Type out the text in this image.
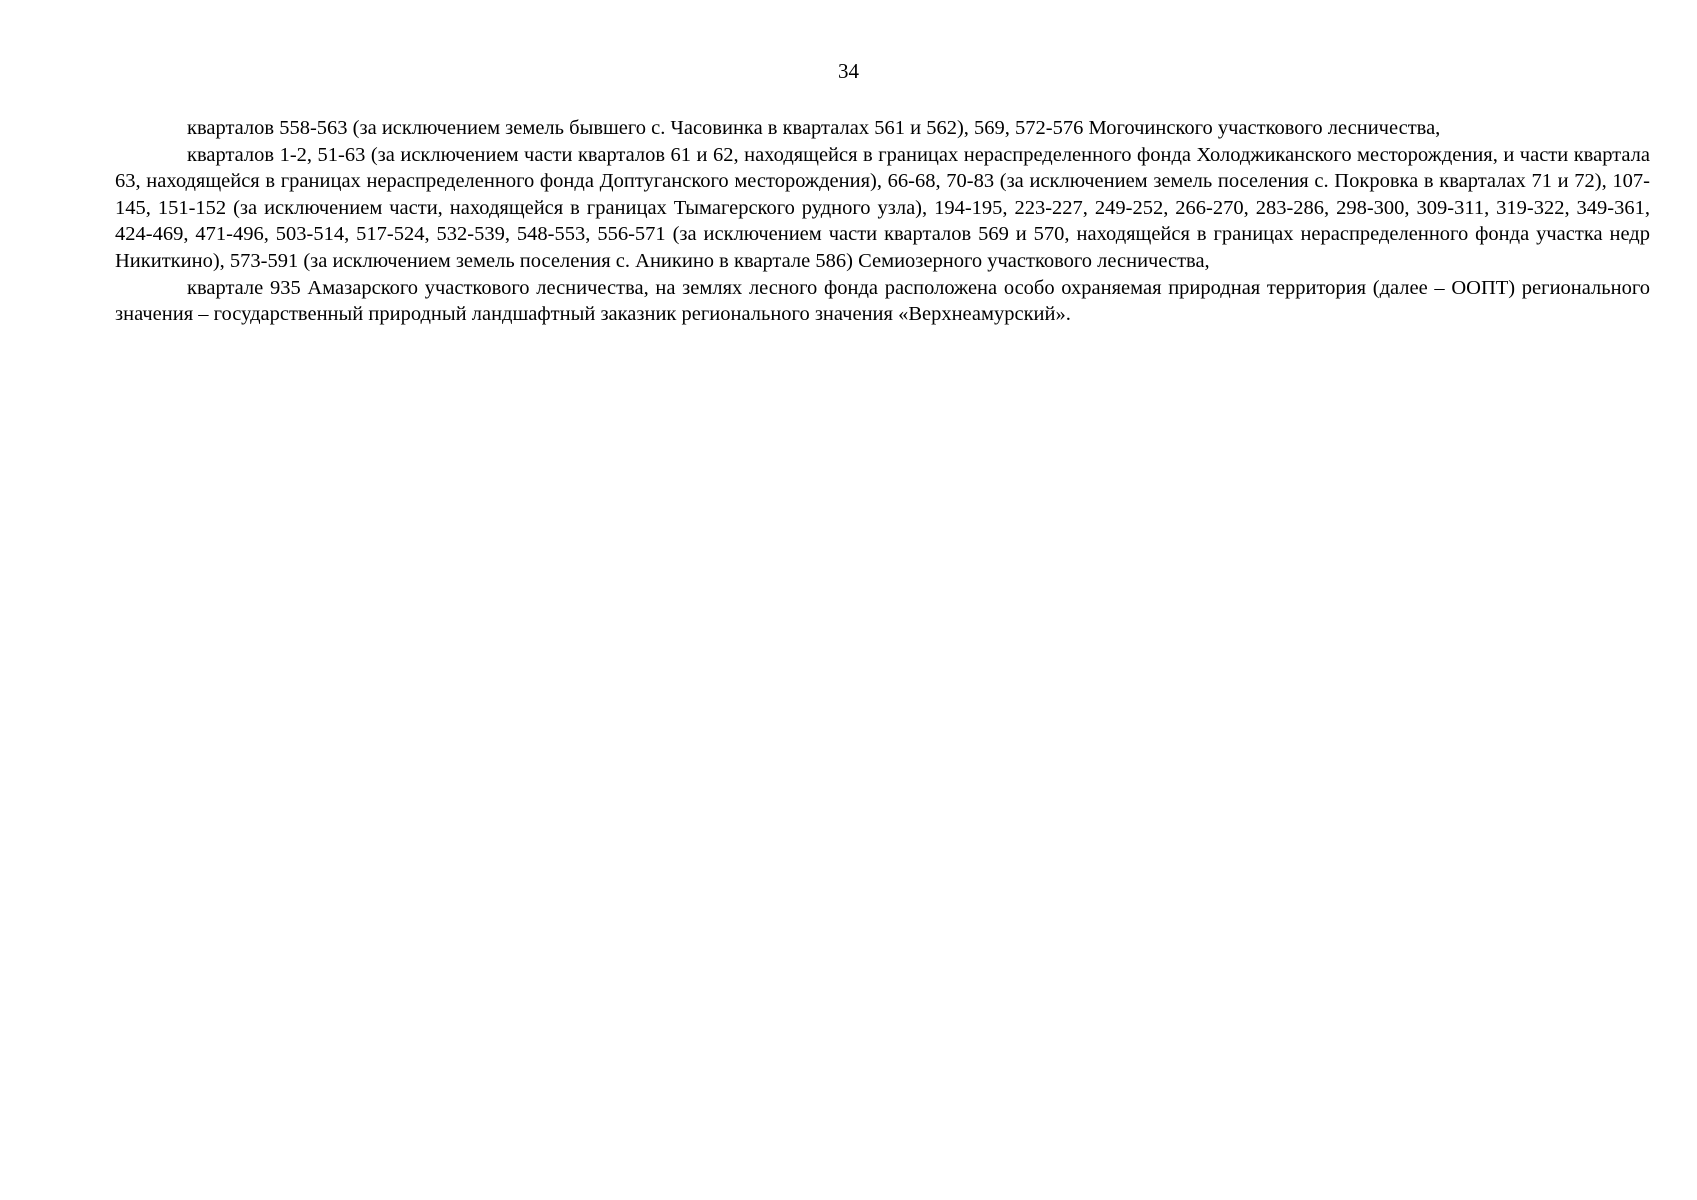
34

кварталов 558-563 (за исключением земель бывшего с. Часовинка в кварталах 561 и 562), 569, 572-576 Могочинского участкового лесничества,

кварталов 1-2, 51-63 (за исключением части кварталов 61 и 62, находящейся в границах нераспределенного фонда Холоджиканского месторождения, и части квартала 63, находящейся в границах нераспределенного фонда Доптуганского месторождения), 66-68, 70-83 (за исключением земель поселения с. Покровка в кварталах 71 и 72), 107-145, 151-152 (за исключением части, находящейся в границах Тымагерского рудного узла), 194-195, 223-227, 249-252, 266-270, 283-286, 298-300, 309-311, 319-322, 349-361, 424-469, 471-496, 503-514, 517-524, 532-539, 548-553, 556-571 (за исключением части кварталов 569 и 570, находящейся в границах нераспределенного фонда участка недр Никиткино), 573-591 (за исключением земель поселения с. Аникино в квартале 586) Семиозерного участкового лесничества,

квартале 935 Амазарского участкового лесничества, на землях лесного фонда расположена особо охраняемая природная территория (далее – ООПТ) регионального значения – государственный природный ландшафтный заказник регионального значения «Верхнеамурский».
